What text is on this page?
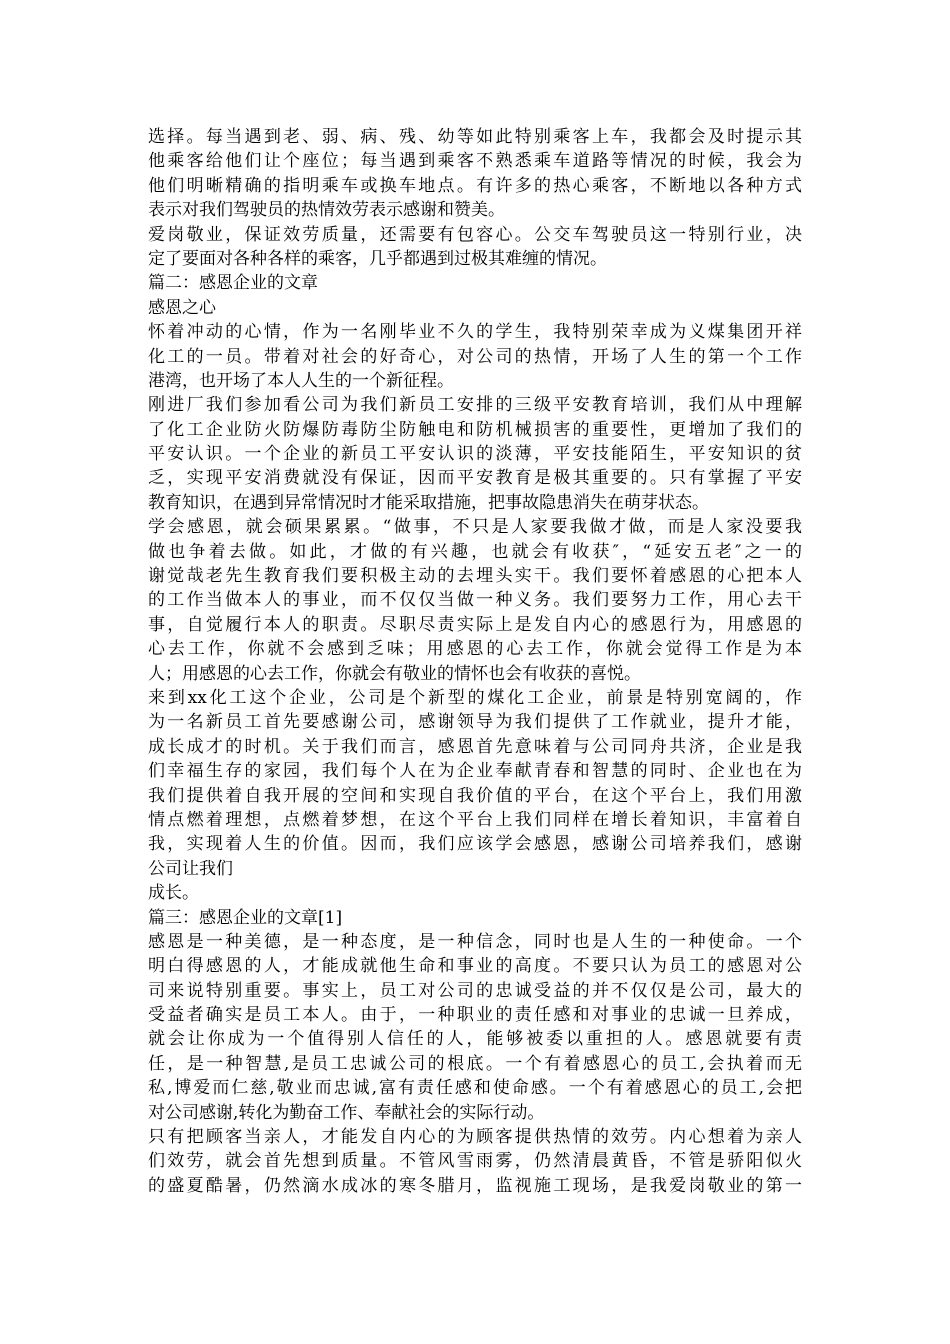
选择。每当遇到老、弱、病、残、幼等如此特别乘客上车，我都会及时提示其
他乘客给他们让个座位；每当遇到乘客不熟悉乘车道路等情况的时候，我会为
他们明晰精确的指明乘车或换车地点。有许多的热心乘客，不断地以各种方式
表示对我们驾驶员的热情效劳表示感谢和赞美。
爱岗敬业，保证效劳质量，还需要有包容心。公交车驾驶员这一特别行业，决
定了要面对各种各样的乘客，几乎都遇到过极其难缠的情况。
篇二：感恩企业的文章
感恩之心
怀着冲动的心情，作为一名刚毕业不久的学生，我特别荣幸成为义煤集团开祥
化工的一员。带着对社会的好奇心，对公司的热情，开场了人生的第一个工作
港湾，也开场了本人人生的一个新征程。
刚进厂我们参加看公司为我们新员工安排的三级平安教育培训，我们从中理解
了化工企业防火防爆防毒防尘防触电和防机械损害的重要性，更增加了我们的
平安认识。一个企业的新员工平安认识的淡薄，平安技能陌生，平安知识的贫
乏，实现平安消费就没有保证，因而平安教育是极其重要的。只有掌握了平安
教育知识，在遇到异常情况时才能采取措施，把事故隐患消失在萌芽状态。
学会感恩，就会硕果累累。“做事，不只是人家要我做才做，而是人家没要我
做也争着去做。如此，才做的有兴趣，也就会有收获″，“延安五老″之一的
谢觉哉老先生教育我们要积极主动的去埋头实干。我们要怀着感恩的心把本人
的工作当做本人的事业，而不仅仅当做一种义务。我们要努力工作，用心去干
事，自觉履行本人的职责。尽职尽责实际上是发自内心的感恩行为，用感恩的
心去工作，你就不会感到乏味；用感恩的心去工作，你就会觉得工作是为本
人；用感恩的心去工作，你就会有敬业的情怀也会有收获的喜悦。
来到xx化工这个企业，公司是个新型的煤化工企业，前景是特别宽阔的，作
为一名新员工首先要感谢公司，感谢领导为我们提供了工作就业，提升才能，
成长成才的时机。关于我们而言，感恩首先意味着与公司同舟共济，企业是我
们幸福生存的家园，我们每个人在为企业奉献青春和智慧的同时、企业也在为
我们提供着自我开展的空间和实现自我价值的平台，在这个平台上，我们用激
情点燃着理想，点燃着梦想，在这个平台上我们同样在增长着知识，丰富着自
我，实现着人生的价值。因而，我们应该学会感恩，感谢公司培养我们，感谢
公司让我们
成长。
篇三：感恩企业的文章[1]
感恩是一种美德，是一种态度，是一种信念，同时也是人生的一种使命。一个
明白得感恩的人，才能成就他生命和事业的高度。不要只认为员工的感恩对公
司来说特别重要。事实上，员工对公司的忠诚受益的并不仅仅是公司，最大的
受益者确实是员工本人。由于，一种职业的责任感和对事业的忠诚一旦养成，
就会让你成为一个值得别人信任的人，能够被委以重担的人。感恩就要有责
任，是一种智慧,是员工忠诚公司的根底。一个有着感恩心的员工,会执着而无
私,博爱而仁慈,敬业而忠诚,富有责任感和使命感。一个有着感恩心的员工,会把
对公司感谢,转化为勤奋工作、奉献社会的实际行动。
只有把顾客当亲人，才能发自内心的为顾客提供热情的效劳。内心想着为亲人
们效劳，就会首先想到质量。不管风雪雨雾，仍然清晨黄昏，不管是骄阳似火
的盛夏酷暑，仍然滴水成冰的寒冬腊月，监视施工现场，是我爱岗敬业的第一
